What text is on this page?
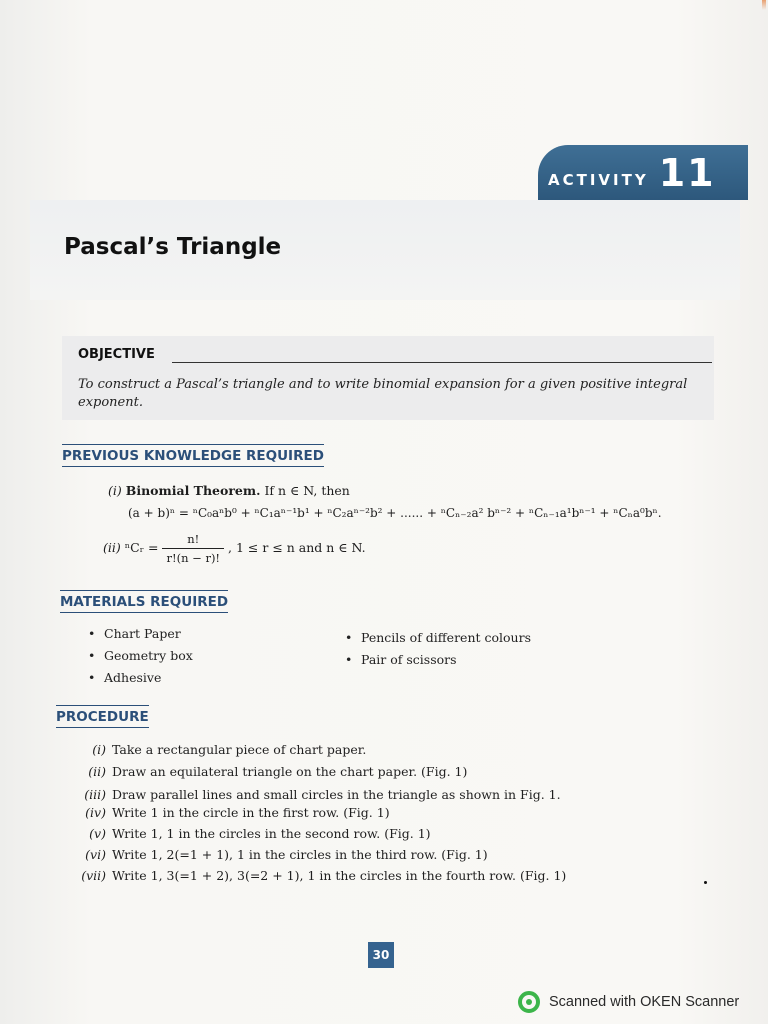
ACTIVITY 11
Pascal’s Triangle
OBJECTIVE
To construct a Pascal’s triangle and to write binomial expansion for a given positive integral exponent.
PREVIOUS KNOWLEDGE REQUIRED
(i) Binomial Theorem. If n ∈ N, then
(a + b)ⁿ = ⁿC₀aⁿb⁰ + ⁿC₁aⁿ⁻¹b¹ + ⁿC₂aⁿ⁻²b² + ...... + ⁿCₙ₋₂a² bⁿ⁻² + ⁿCₙ₋₁a¹bⁿ⁻¹ + ⁿCₙa⁰bⁿ.
(ii) ⁿCᵣ = $\frac{n!}{r!(n - r)!}$ , 1 ≤ r ≤ n and n ∈ N.
MATERIALS REQUIRED
• Chart Paper
• Geometry box
• Adhesive
• Pencils of different colours
• Pair of scissors
PROCEDURE
(i) Take a rectangular piece of chart paper.
(ii) Draw an equilateral triangle on the chart paper. (Fig. 1)
(iii) Draw parallel lines and small circles in the triangle as shown in Fig. 1.
(iv) Write 1 in the circle in the first row. (Fig. 1)
(v) Write 1, 1 in the circles in the second row. (Fig. 1)
(vi) Write 1, 2(=1 + 1), 1 in the circles in the third row. (Fig. 1)
(vii) Write 1, 3(=1 + 2), 3(=2 + 1), 1 in the circles in the fourth row. (Fig. 1)
30
Scanned with OKEN Scanner
